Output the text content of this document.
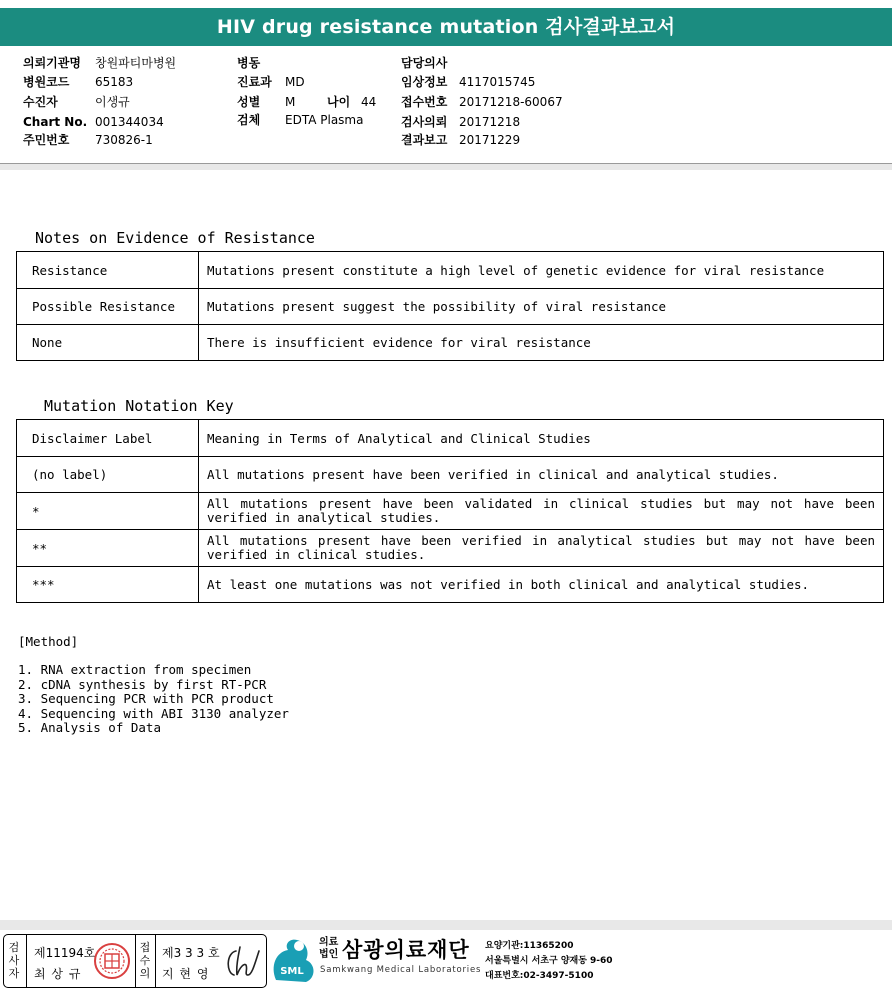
HIV drug resistance mutation 검사결과보고서
의뢰기관명 창원파티마병원
병원코드 65183
수진자	이생규
Chart No. 001344034
주민번호 730826-1
병동
진료과 MD
성별 M	나이 44
검체 EDTA Plasma
담당의사
임상정보 4117015745
접수번호 20171218-60067
검사의뢰 20171218
결과보고 20171229
Notes on Evidence of Resistance
Resistance	Mutations present constitute a high level of genetic evidence for viral resistance
Possible Resistance	Mutations present suggest the possibility of viral resistance
None	There is insufficient evidence for viral resistance
Mutation Notation Key
Disclaimer Label	Meaning in Terms of Analytical and Clinical Studies
(no label)	All mutations present have been verified in clinical and analytical studies.
*	All mutations present have been validated in clinical studies but may not have been verified in analytical studies.
**	All mutations present have been verified in analytical studies but may not have been verified in clinical studies.
***	At least one mutations was not verified in both clinical and analytical studies.
[Method]
1. RNA extraction from specimen
2. cDNA synthesis by first RT-PCR
3. Sequencing PCR with PCR product
4. Sequencing with ABI 3130 analyzer
5. Analysis of Data
검사자
제11194호
최 상 규
접수의
제3 3 3 호
지 현 영	SML
의료법인 삼광의료재단
Samkwang Medical Laboratories
요양기관:11365200
서울특별시 서초구 양재동 9-60
대표번호:02-3497-5100
